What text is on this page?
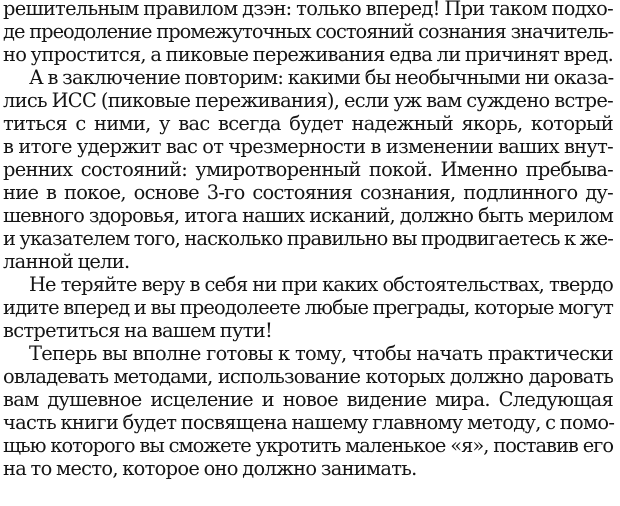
решительным правилом дзэн: только вперед! При таком подхо-
де преодоление промежуточных состояний сознания значитель-
но упростится, а пиковые переживания едва ли причинят вред.
А в заключение повторим: какими бы необычными ни оказа-
лись ИСС (пиковые переживания), если уж вам суждено встре-
титься с ними, у вас всегда будет надежный якорь, который
в итоге удержит вас от чрезмерности в изменении ваших внут-
ренних состояний: умиротворенный покой. Именно пребыва-
ние в покое, основе 3-го состояния сознания, подлинного ду-
шевного здоровья, итога наших исканий, должно быть мерилом
и указателем того, насколько правильно вы продвигаетесь к же-
ланной цели.
Не теряйте веру в себя ни при каких обстоятельствах, твердо
идите вперед и вы преодолеете любые преграды, которые могут
встретиться на вашем пути!
Теперь вы вполне готовы к тому, чтобы начать практически
овладевать методами, использование которых должно даровать
вам душевное исцеление и новое видение мира. Следующая
часть книги будет посвящена нашему главному методу, с помо-
щью которого вы сможете укротить маленькое «я», поставив его
на то место, которое оно должно занимать.
